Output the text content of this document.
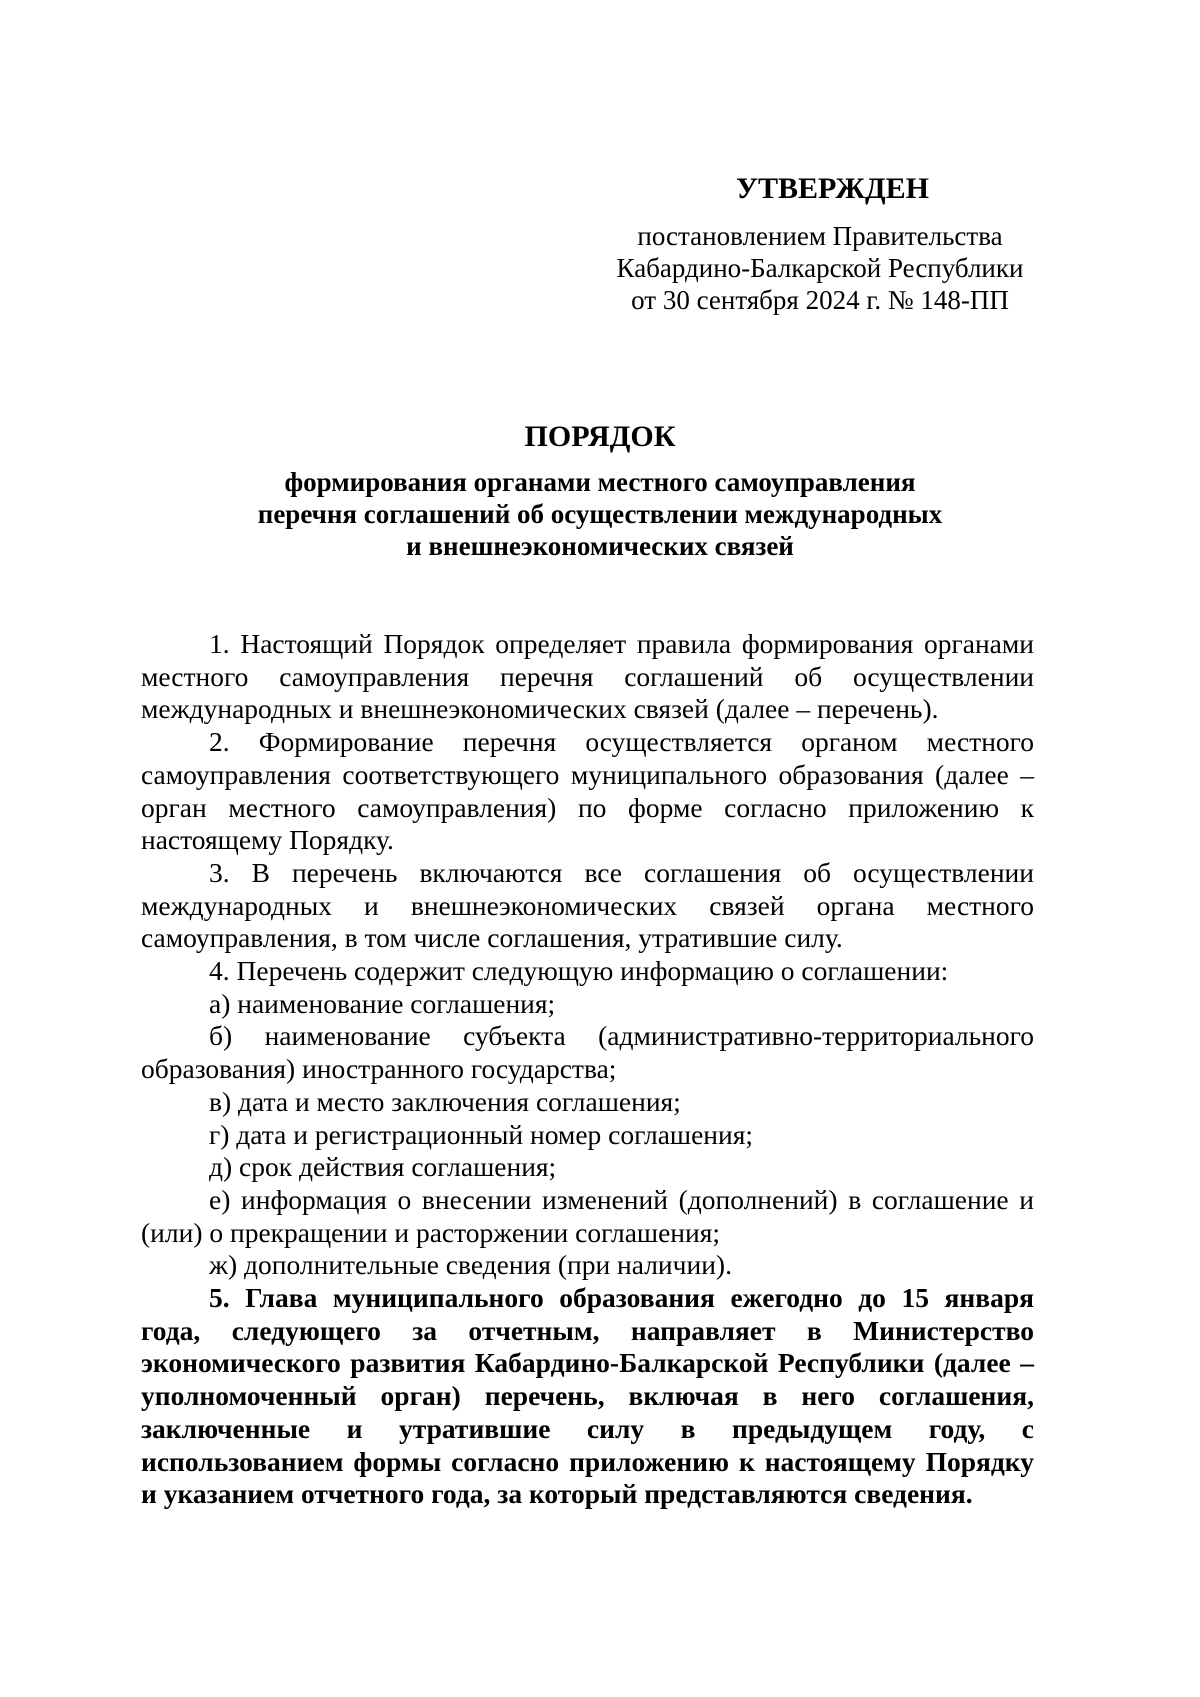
УТВЕРЖДЕН
постановлением Правительства
Кабардино-Балкарской Республики
от 30 сентября 2024 г. № 148-ПП
ПОРЯДОК
формирования органами местного самоуправления
перечня соглашений об осуществлении международных
и внешнеэкономических связей

1. Настоящий Порядок определяет правила формирования органами местного самоуправления перечня соглашений об осуществлении международных и внешнеэкономических связей (далее – перечень).

2. Формирование перечня осуществляется органом местного самоуправления соответствующего муниципального образования (далее – орган местного самоуправления) по форме согласно приложению к настоящему Порядку.

3. В перечень включаются все соглашения об осуществлении международных и внешнеэкономических связей органа местного самоуправления, в том числе соглашения, утратившие силу.

4. Перечень содержит следующую информацию о соглашении:

а) наименование соглашения;

б) наименование субъекта (административно-территориального образования) иностранного государства;

в) дата и место заключения соглашения;

г) дата и регистрационный номер соглашения;

д) срок действия соглашения;

е) информация о внесении изменений (дополнений) в соглашение и (или) о прекращении и расторжении соглашения;

ж) дополнительные сведения (при наличии).

5. Глава муниципального образования ежегодно до 15 января года, следующего за отчетным, направляет в Министерство экономического развития Кабардино-Балкарской Республики (далее – уполномоченный орган) перечень, включая в него соглашения, заключенные и утратившие силу в предыдущем году, с использованием формы согласно приложению к настоящему Порядку и указанием отчетного года, за который представляются сведения.
